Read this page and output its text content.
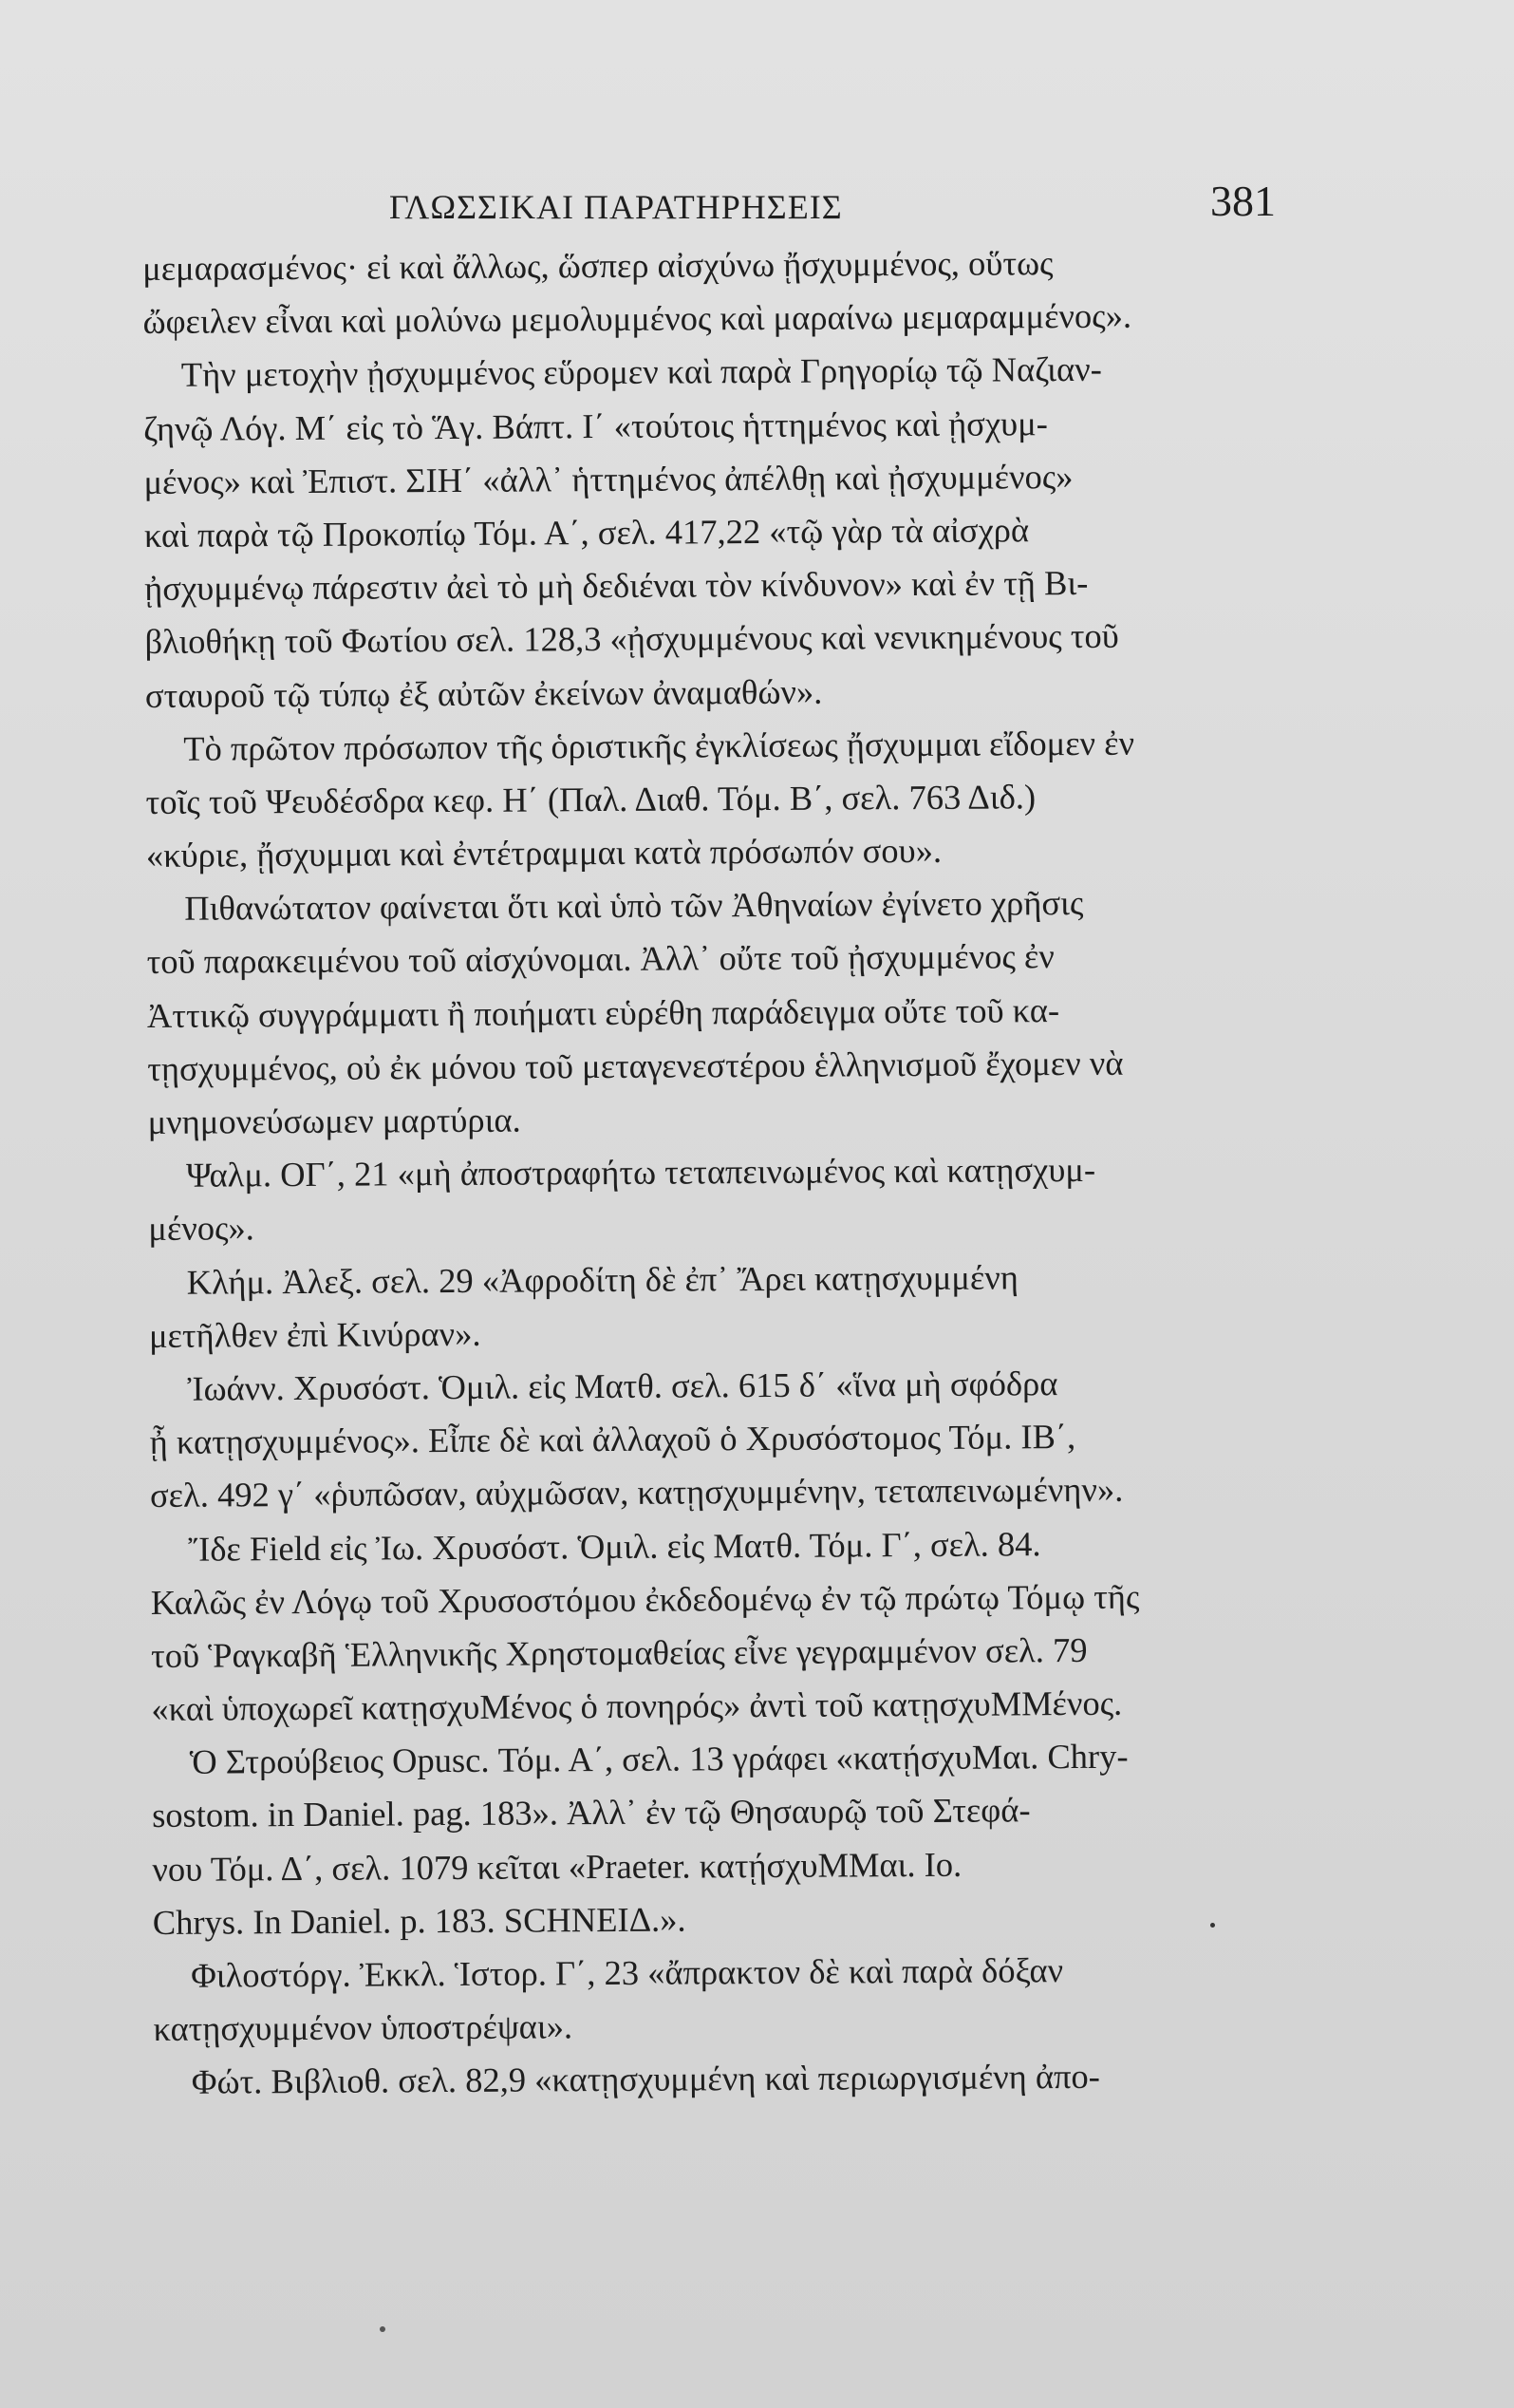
ΓΛΩΣΣΙΚΑΙ ΠΑΡΑΤΗΡΗΣΕΙΣ	381
μεμαρασμένος· εἰ καὶ ἄλλως, ὥσπερ αἰσχύνω ᾔσχυμμένος, οὕτως
ὤφειλεν εἶναι καὶ μολύνω μεμολυμμένος καὶ μαραίνω μεμαραμμένος».
Τὴν μετοχὴν ᾐσχυμμένος εὕρομεν καὶ παρὰ Γρηγορίῳ τῷ Ναζιαν-
ζηνῷ Λόγ. Μ΄ εἰς τὸ Ἅγ. Βάπτ. Ι΄ «τούτοις ἡττημένος καὶ ᾐσχυμ-
μένος» καὶ Ἐπιστ. ΣΙΗ΄ «ἀλλ᾽ ἡττημένος ἀπέλθῃ καὶ ᾐσχυμμένος»
καὶ παρὰ τῷ Προκοπίῳ Τόμ. Α΄, σελ. 417,22 «τῷ γὰρ τὰ αἰσχρὰ
ᾐσχυμμένῳ πάρεστιν ἀεὶ τὸ μὴ δεδιέναι τὸν κίνδυνον» καὶ ἐν τῇ Βι-
βλιοθήκῃ τοῦ Φωτίου σελ. 128,3 «ᾐσχυμμένους καὶ νενικημένους τοῦ
σταυροῦ τῷ τύπῳ ἐξ αὐτῶν ἐκείνων ἀναμαθών».
Τὸ πρῶτον πρόσωπον τῆς ὁριστικῆς ἐγκλίσεως ᾔσχυμμαι εἴδομεν ἐν
τοῖς τοῦ Ψευδέσδρα κεφ. Η΄ (Παλ. Διαθ. Τόμ. Β΄, σελ. 763 Διδ.)
«κύριε, ᾔσχυμμαι καὶ ἐντέτραμμαι κατὰ πρόσωπόν σου».
Πιθανώτατον φαίνεται ὅτι καὶ ὑπὸ τῶν Ἀθηναίων ἐγίνετο χρῆσις
τοῦ παρακειμένου τοῦ αἰσχύνομαι. Ἀλλ᾽ οὔτε τοῦ ᾐσχυμμένος ἐν
Ἀττικῷ συγγράμματι ἢ ποιήματι εὑρέθη παράδειγμα οὔτε τοῦ κα-
τῃσχυμμένος, οὐ ἐκ μόνου τοῦ μεταγενεστέρου ἑλληνισμοῦ ἔχομεν νὰ
μνημονεύσωμεν μαρτύρια.
Ψαλμ. ΟΓ΄, 21 «μὴ ἀποστραφήτω τεταπεινωμένος καὶ κατῃσχυμ-
μένος».
Κλήμ. Ἀλεξ. σελ. 29 «Ἀφροδίτη δὲ ἐπ᾽ Ἄρει κατῃσχυμμένη
μετῆλθεν ἐπὶ Κινύραν».
Ἰωάνν. Χρυσόστ. Ὁμιλ. εἰς Ματθ. σελ. 615 δ΄ «ἵνα μὴ σφόδρα
ᾖ κατῃσχυμμένος». Εἶπε δὲ καὶ ἀλλαχοῦ ὁ Χρυσόστομος Τόμ. ΙΒ΄,
σελ. 492 γ΄ «ῥυπῶσαν, αὐχμῶσαν, κατῃσχυμμένην, τεταπεινωμένην».
Ἴδε Field εἰς Ἰω. Χρυσόστ. Ὁμιλ. εἰς Ματθ. Τόμ. Γ΄, σελ. 84.
Καλῶς ἐν Λόγῳ τοῦ Χρυσοστόμου ἐκδεδομένῳ ἐν τῷ πρώτῳ Τόμῳ τῆς
τοῦ Ῥαγκαβῆ Ἑλληνικῆς Χρηστομαθείας εἶνε γεγραμμένον σελ. 79
«καὶ ὑποχωρεῖ κατῃσχυΜένος ὁ πονηρός» ἀντὶ τοῦ κατῃσχυΜΜένος.
Ὁ Στρούβειος Opusc. Τόμ. Α΄, σελ. 13 γράφει «κατῄσχυΜαι. Chry-
sostom. in Daniel. pag. 183». Ἀλλ᾽ ἐν τῷ Θησαυρῷ τοῦ Στεφά-
νου Τόμ. Δ΄, σελ. 1079 κεῖται «Praeter. κατῄσχυΜΜαι. Io.
Chrys. In Daniel. p. 183. SCHNEIΔ.».
Φιλοστόργ. Ἐκκλ. Ἱστορ. Γ΄, 23 «ἄπρακτον δὲ καὶ παρὰ δόξαν
κατῃσχυμμένον ὑποστρέψαι».
Φώτ. Βιβλιοθ. σελ. 82,9 «κατῃσχυμμένη καὶ περιωργισμένη ἀπο-
